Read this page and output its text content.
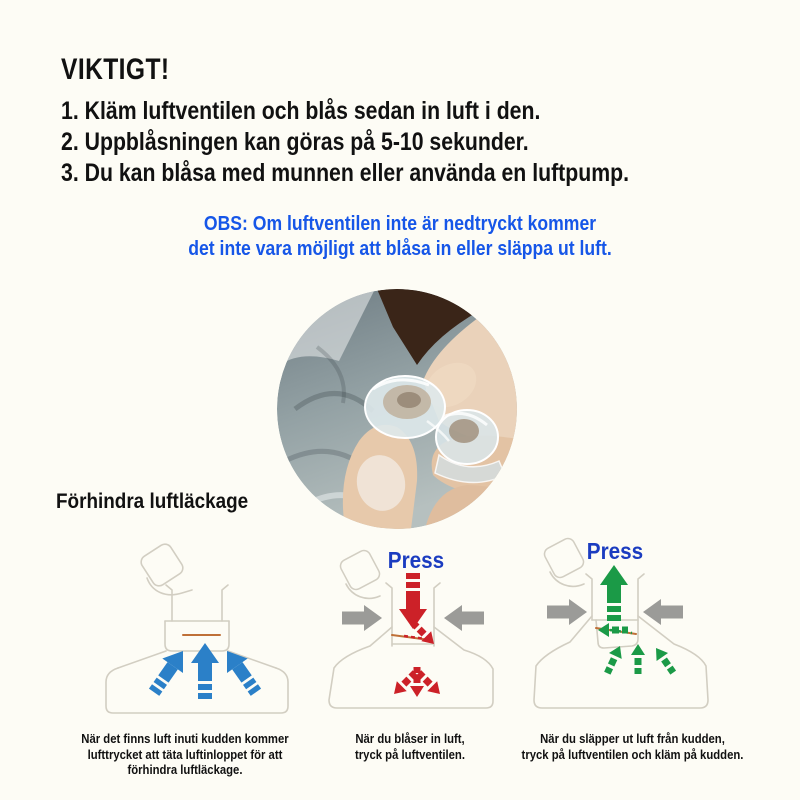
VIKTIGT!
1. Kläm luftventilen och blås sedan in luft i den.
2. Uppblåsningen kan göras på 5-10 sekunder.
3. Du kan blåsa med munnen eller använda en luftpump.
OBS: Om luftventilen inte är nedtryckt kommer
det inte vara möjligt att blåsa in eller släppa ut luft.
Förhindra luftläckage
Press	Press
När det finns luft inuti kudden kommer
lufttrycket att täta luftinloppet för att
förhindra luftläckage.
När du blåser in luft,
tryck på luftventilen.
När du släpper ut luft från kudden,
tryck på luftventilen och kläm på kudden.
